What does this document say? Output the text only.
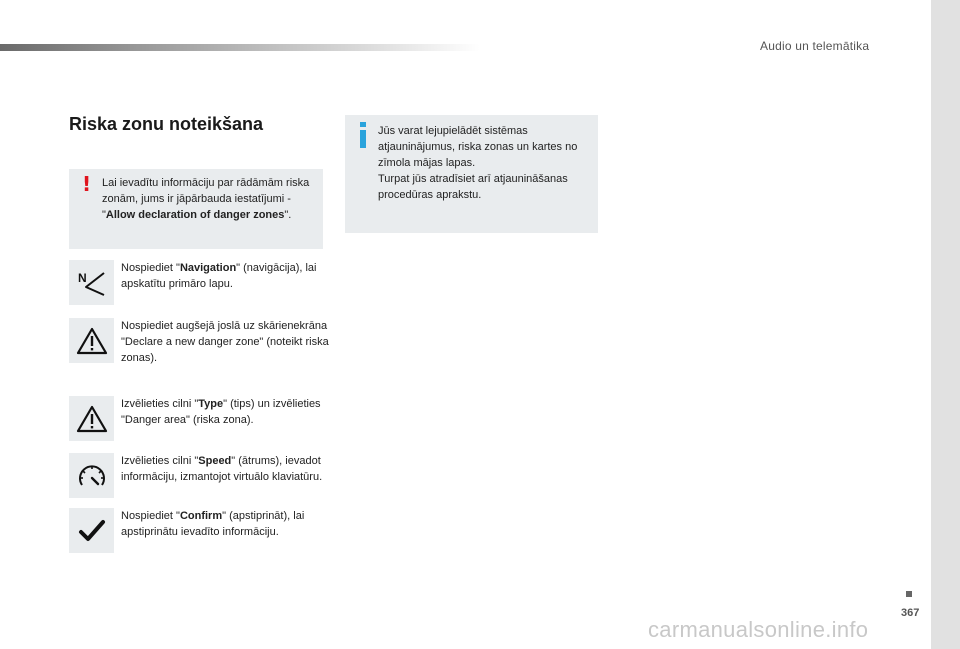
Audio un telemātika
Riska zonu noteikšana
! Lai ievadītu informāciju par rādāmām riska zonām, jums ir jāpārbauda iestatījumi - "Allow declaration of danger zones".
Jūs varat lejupielādēt sistēmas atjauninājumus, riska zonas un kartes no zīmola mājas lapas.
Turpat jūs atradīsiet arī atjaunināšanas procedūras aprakstu.
N
Nospiediet "Navigation" (navigācija), lai apskatītu primāro lapu.
Nospiediet augšejā joslā uz skārienekrāna "Declare a new danger zone" (noteikt riska zonas).
Izvēlieties cilni "Type" (tips) un izvēlieties "Danger area" (riska zona).
Izvēlieties cilni "Speed" (ātrums), ievadot informāciju, izmantojot virtuālo klaviatūru.
Nospiediet "Confirm" (apstiprināt), lai apstiprinātu ievadīto informāciju.
367
carmanualsonline.info
